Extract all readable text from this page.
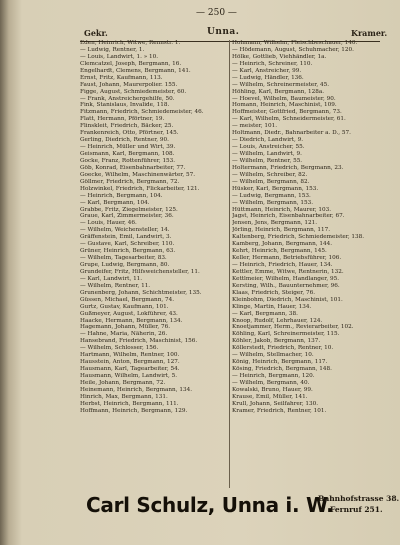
— 250 —
Gekr.	Unna.	Kramer.
Eden, Heinrich, Witwe, Rennstr. 1.
— Ludwig, Rentner, 1.
— Louis, Landwirt, 1. » 10.
Clemcatzel, Joseph, Bergmann, 16.
Engelhardt, Clemens, Bergmann, 141.
Ernst, Fritz, Kaufmann, 113.
Faust, Johann, Maurerpolier. 155.
Figge, August, Schmiedemeister, 60.
— Frank, Anstreichergehilfe, 50.
Fink, Stanislaus, Invalide, 118.
Fitzmann, Friedrich, Schmiedemeister, 46.
Flatt, Hermann, Pförtner, 19.
Flinskleit, Friedrich, Bäcker, 25.
Frankenreich, Otto, Pförtner, 145.
Gerling, Diedrich, Rentner, 90.
— Heinrich, Müller und Wirt, 39.
Geismann, Karl, Bergmann, 108.
Gocke, Franz, Rottenführer, 153.
Göb, Konrad, Eisenbahnarbeiter, 77.
Goecke, Wilhelm, Maschinenwärter, 57.
Göllmer, Friedrich, Bergmann, 72.
Holzwinkel, Friedrich, Flickarbeiter, 121.
— Heinrich, Bergmann, 104.
— Karl, Bergmann, 104.
Grabbe, Fritz, Ziegelmeister, 125.
Graue, Karl, Zimmermeister, 36.
— Louis, Hauer, 46.
— Wilhelm, Weichensteller, 14.
Gräffenstein, Emil, Landwirt, 3.
— Gustave, Karl, Schreiber, 110.
Grüner, Heinrich, Bergmann, 63.
— Wilhelm, Tagesarbeiter, 83.
Grupe, Ludwig, Bergmann, 80.
Grundeifer, Fritz, Hilfsweichensteller, 11.
— Karl, Landwirt, 11.
— Wilhelm, Rentner, 11.
Grunenberg, Johann, Schichtmeister, 135.
Güssen, Michael, Bergmann, 74.
Gurtz, Gustav, Kaufmann, 101.
Gußmeyer, August, Lokführer, 43.
Haacke, Hermann, Bergmann, 134.
Hagemann, Johann, Müller, 76.
— Hahne, Maria, Näherin, 26.
Hansebrand, Friedrich, Maschinist, 156.
— Wilhelm, Schlosser, 156.
Hartmann, Wilhelm, Rentner, 100.
Hausstein, Anton, Bergmann, 127.
Hausmann, Karl, Tagearbeiter, 54.
Hausmann, Wilhelm, Landwirt, 5.
Heile, Johann, Bergmann, 72.
Heinemann, Heinrich, Bergmann, 134.
Hinrich, Max, Bergmann, 131.
Herbst, Heinrich, Bergmann, 111.
Hoffmann, Heinrich, Bergmann, 129.
Hohmann, Wilhelm, Fleischbeschauer, 140.
— Hödemann, August, Schuhmacher, 120.
Hölke, Gottlieb, Viehhändler, 1a.
— Heinrich, Schreiner, 110.
— Karl, Anstreicher, 99.
— Ludwig, Händler, 136.
— Wilhelm, Schreinermeister, 45.
Höhling, Karl, Bergmann, 128a.
— Hoevel, Wilhelm, Baumeister, 90.
Homann, Heinrich, Maschinist, 109.
Hoffmeister, Gottfried, Bergmann, 73.
— Karl, Wilhelm, Schneidermeister, 61.
— meister, 101.
Holtmann, Diedr., Bahnarbeiter a. D., 57.
— Diedrich, Landwirt, 9.
— Louis, Anstreicher, 55.
— Wilhelm, Landwirt, 9.
— Wilhelm, Rentner, 55.
Holtermann, Friedrich, Bergmann, 23.
— Wilhelm, Schreiber, 82.
— Wilhelm, Bergmann, 82.
Hüsker, Karl, Bergmann, 153.
— Ludwig, Bergmann, 153.
— Wilhelm, Bergmann, 153.
Hüttmann, Heinrich, Maurer, 103.
Jagst, Heinrich, Eisenbahnarbeiter, 67.
Jensen, Jens, Bergmann, 121.
Jörling, Heinrich, Bergmann, 117.
Kaltenberg, Friedrich, Schmiedemeister, 138.
Kamberg, Johann, Bergmann, 144.
Kehrt, Heinrich, Bergmann, 145.
Keller, Hermann, Betriebsführer, 106.
— Heinrich, Friedrich, Hauer, 134.
Kettler, Emme, Witwe, Rentnerin, 132.
Kettlmeier, Wilhelm, Handlanger, 95.
Kersting, Wilh., Bauunternehmer, 96.
Klaas, Friedrich, Steiger, 76.
Kleinbohm, Diedrich, Maschinist, 101.
Klinge, Martin, Hauer, 134.
— Karl, Bergmann, 38.
Knoop, Rudolf, Lehrhauer, 124.
Knoetjammer, Herm., Revierarbeiter, 102.
Köhling, Karl, Schreinermeister, 115.
Köhler, Jakob, Bergmann, 137.
Köllerstedt, Friedrich, Rentner, 10.
— Wilhelm, Stellmacher, 10.
König, Heinrich, Bergmann, 117.
Kösing, Friedrich, Bergmann, 148.
— Heinrich, Bergmann, 120.
— Wilhelm, Bergmann, 40.
Kowalski, Bruno, Hauer, 99.
Krause, Emil, Müller, 141.
Krull, Johann, Seilfahrer, 130.
Kramer, Friedrich, Rentner, 101.
Carl Schulz, Unna i. W.
Bahnhofstrasse 38.
Fernruf 251.
